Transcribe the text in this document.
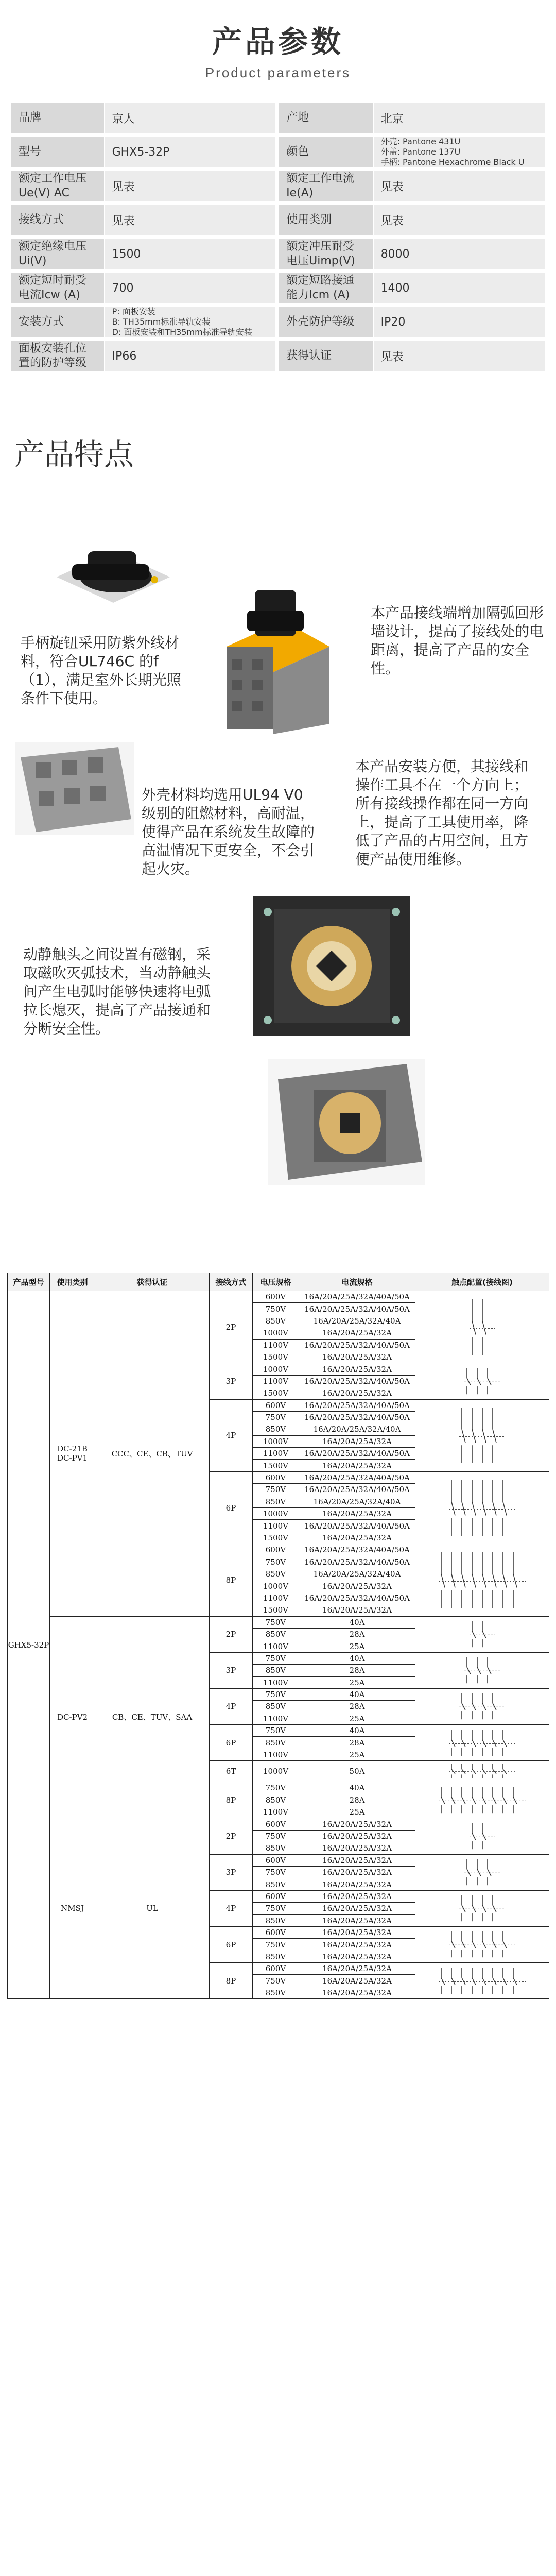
产品参数
Product parameters
品牌	京人	产地	北京
型号	GHX5-32P	颜色	外壳: Pantone 431U
外盖: Pantone 137U
手柄: Pantone Hexachrome Black U

额定工作电压Ue(V) AC	见表	额定工作电流Ie(A)	见表
接线方式	见表	使用类别	见表
额定绝缘电压Ui(V)	1500	额定冲压耐受电压Uimp(V)	8000
额定短时耐受电流Icw (A)	700	额定短路接通能力Icm (A)	1400
安装方式	P: 面板安装
B: TH35mm标准导轨安装
D: 面板安装和TH35mm标准导轨安装	外壳防护等级	IP20
面板安装孔位置的防护等级	IP66	获得认证	见表
产品特点
手柄旋钮采用防紫外线材料，符合UL746C 的f（1），满足室外长期光照条件下使用。
本产品接线端增加隔弧回形墙设计，提高了接线处的电距离，提高了产品的安全性。
外壳材料均选用UL94 V0级别的阻燃材料，高耐温，使得产品在系统发生故障的高温情况下更安全，不会引起火灾。
本产品安装方便，其接线和操作工具不在一个方向上；所有接线操作都在同一方向上，提高了工具使用率，降低了产品的占用空间，且方便产品使用维修。
动静触头之间设置有磁钢，采取磁吹灭弧技术，当动静触头间产生电弧时能够快速将电弧拉长熄灭，提高了产品接通和分断安全性。
产品型号	使用类别	获得认证	接线方式	电压规格	电流规格	触点配置(接线图)
GHX5-32P	DC-21B
DC-PV1	CCC、CE、CB、TUV	2P	600V	16A/20A/25A/32A/40A/50A	

				750V	16A/20A/25A/32A/40A/50A	
				850V	16A/20A/25A/32A/40A	
				1000V	16A/20A/25A/32A	
				1100V	16A/20A/25A/32A/40A/50A	
				1500V	16A/20A/25A/32A	
			3P	1000V	16A/20A/25A/32A	

				1100V	16A/20A/25A/32A/40A/50A	
				1500V	16A/20A/25A/32A	
			4P	600V	16A/20A/25A/32A/40A/50A	

				750V	16A/20A/25A/32A/40A/50A	
				850V	16A/20A/25A/32A/40A	
				1000V	16A/20A/25A/32A	
				1100V	16A/20A/25A/32A/40A/50A	
				1500V	16A/20A/25A/32A	
			6P	600V	16A/20A/25A/32A/40A/50A	

				750V	16A/20A/25A/32A/40A/50A	
				850V	16A/20A/25A/32A/40A	
				1000V	16A/20A/25A/32A	
				1100V	16A/20A/25A/32A/40A/50A	
				1500V	16A/20A/25A/32A	
			8P	600V	16A/20A/25A/32A/40A/50A	

				750V	16A/20A/25A/32A/40A/50A	
				850V	16A/20A/25A/32A/40A	
				1000V	16A/20A/25A/32A	
				1100V	16A/20A/25A/32A/40A/50A	
				1500V	16A/20A/25A/32A	
	DC-PV2	CB、CE、TUV、SAA	2P	750V	40A	

				850V	28A	
				1100V	25A	
			3P	750V	40A	

				850V	28A	
				1100V	25A	
			4P	750V	40A	

				850V	28A	
				1100V	25A	
			6P	750V	40A	

				850V	28A	
				1100V	25A	
			6T	1000V	50A	

			8P	750V	40A	

				850V	28A	
				1100V	25A	
	NMSJ	UL	2P	600V	16A/20A/25A/32A	

				750V	16A/20A/25A/32A	
				850V	16A/20A/25A/32A	
			3P	600V	16A/20A/25A/32A	

				750V	16A/20A/25A/32A	
				850V	16A/20A/25A/32A	
			4P	600V	16A/20A/25A/32A	

				750V	16A/20A/25A/32A	
				850V	16A/20A/25A/32A	
			6P	600V	16A/20A/25A/32A	

				750V	16A/20A/25A/32A	
				850V	16A/20A/25A/32A	
			8P	600V	16A/20A/25A/32A	

				750V	16A/20A/25A/32A	
				850V	16A/20A/25A/32A	
